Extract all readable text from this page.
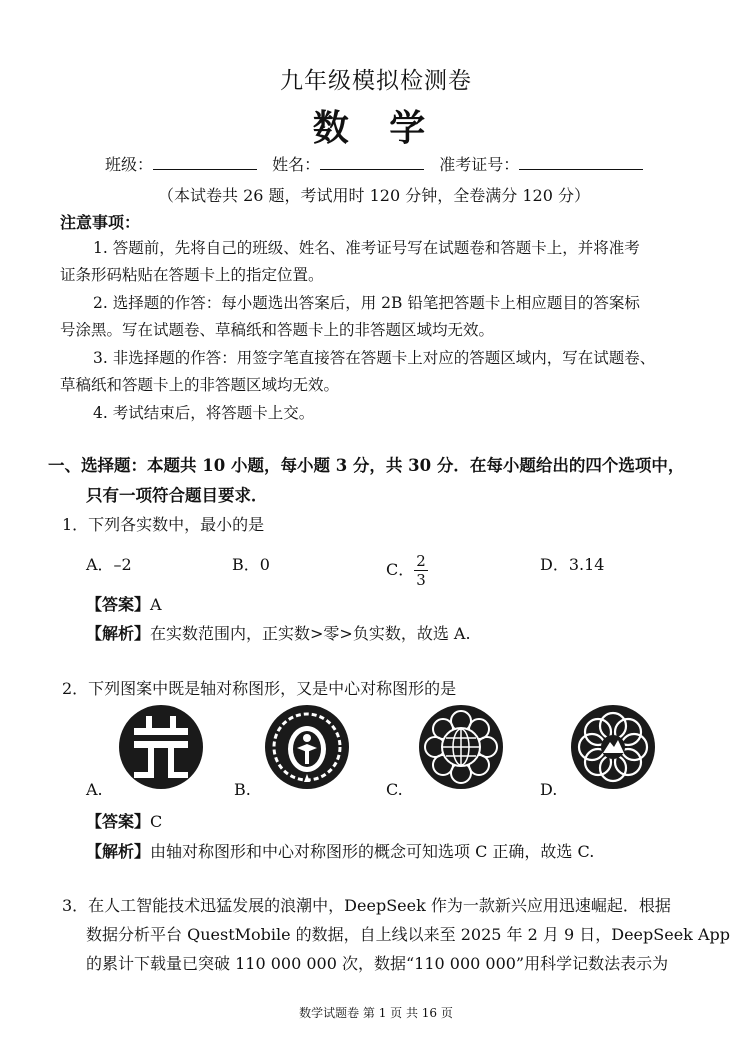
九年级模拟检测卷
数 学
班级：	姓名：	准考证号：
（本试卷共 26 题，考试用时 120 分钟，全卷满分 120 分）
注意事项：
1. 答题前，先将自己的班级、姓名、准考证号写在试题卷和答题卡上，并将准考
证条形码粘贴在答题卡上的指定位置。
2. 选择题的作答：每小题选出答案后，用 2B 铅笔把答题卡上相应题目的答案标
号涂黑。写在试题卷、草稿纸和答题卡上的非答题区域均无效。
3. 非选择题的作答：用签字笔直接答在答题卡上对应的答题区域内，写在试题卷、
草稿纸和答题卡上的非答题区域均无效。
4. 考试结束后，将答题卡上交。
一、选择题：本题共 10 小题，每小题 3 分，共 30 分．在每小题给出的四个选项中，
只有一项符合题目要求．
1．下列各实数中，最小的是
A．–2	B．0	C． $\frac{2}{3}$	D．3.14
【答案】A
【解析】在实数范围内，正实数>零>负实数，故选 A.
2．下列图案中既是轴对称图形，又是中心对称图形的是
A.	B.	C.	D.
【答案】C
【解析】由轴对称图形和中心对称图形的概念可知选项 C 正确，故选 C.
3．在人工智能技术迅猛发展的浪潮中，DeepSeek 作为一款新兴应用迅速崛起．根据
数据分析平台 QuestMobile 的数据，自上线以来至 2025 年 2 月 9 日，DeepSeek App
的累计下载量已突破 110 000 000 次，数据“110 000 000”用科学记数法表示为
数学试题卷 第 1 页 共 16 页
